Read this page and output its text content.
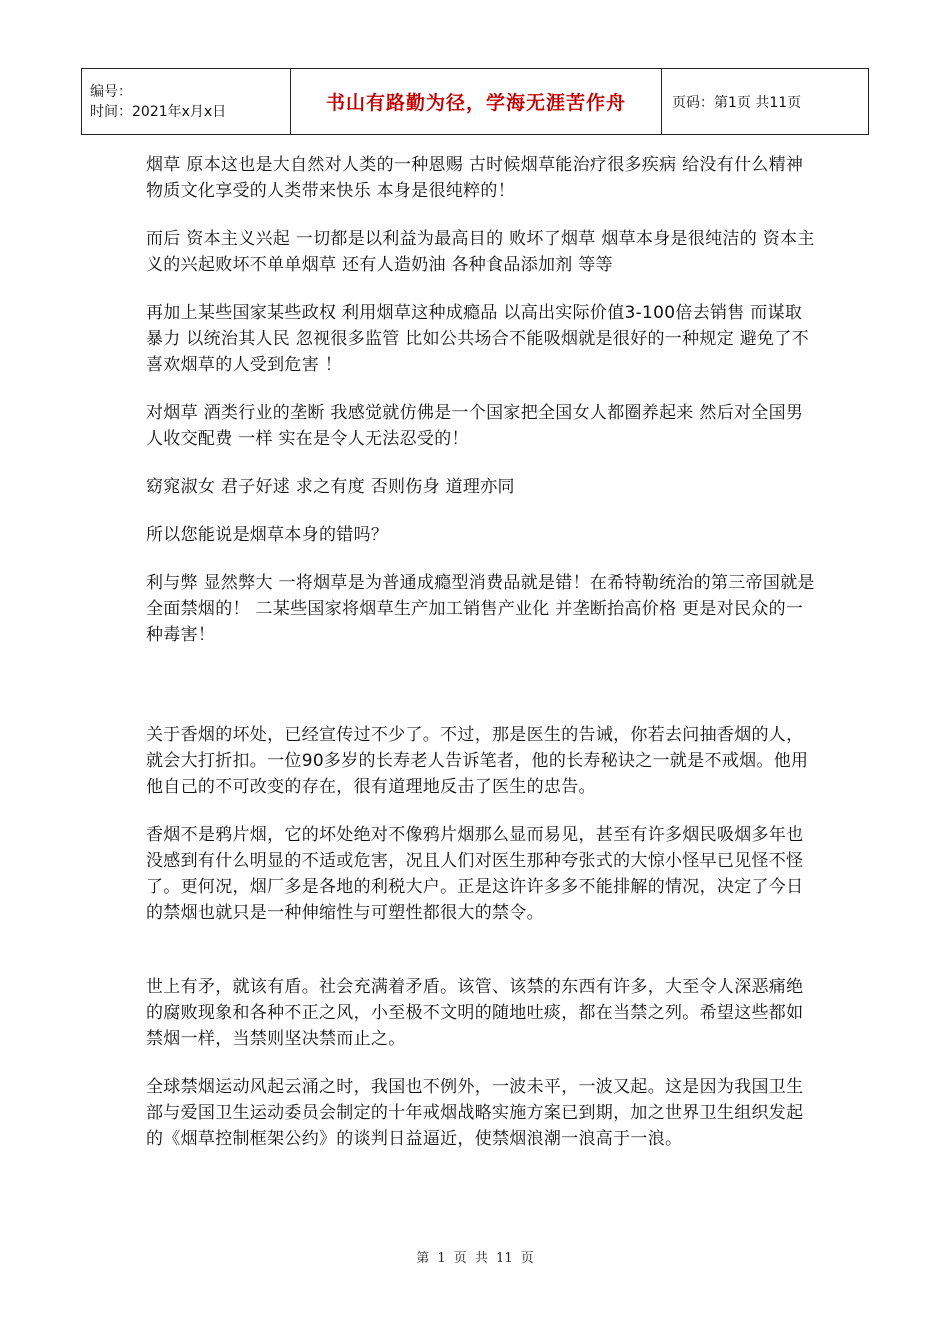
编号：
时间：2021年x月x日	书山有路勤为径，学海无涯苦作舟	页码：第1页 共11页

烟草 原本这也是大自然对人类的一种恩赐 古时候烟草能治疗很多疾病 给没有什么精神物质文化享受的人类带来快乐 本身是很纯粹的！

而后 资本主义兴起 一切都是以利益为最高目的 败坏了烟草 烟草本身是很纯洁的 资本主义的兴起败坏不单单烟草 还有人造奶油 各种食品添加剂 等等

再加上某些国家某些政权 利用烟草这种成瘾品 以高出实际价值3-100倍去销售 而谋取暴力 以统治其人民 忽视很多监管 比如公共场合不能吸烟就是很好的一种规定 避免了不喜欢烟草的人受到危害 ！

对烟草 酒类行业的垄断 我感觉就仿佛是一个国家把全国女人都圈养起来 然后对全国男人收交配费 一样 实在是令人无法忍受的！

窈窕淑女 君子好逑 求之有度 否则伤身 道理亦同

所以您能说是烟草本身的错吗？

利与弊 显然弊大 一将烟草是为普通成瘾型消费品就是错！在希特勒统治的第三帝国就是全面禁烟的！ 二某些国家将烟草生产加工销售产业化 并垄断抬高价格 更是对民众的一种毒害！

关于香烟的坏处，已经宣传过不少了。不过，那是医生的告诫，你若去问抽香烟的人，就会大打折扣。一位90多岁的长寿老人告诉笔者，他的长寿秘诀之一就是不戒烟。他用他自己的不可改变的存在，很有道理地反击了医生的忠告。

香烟不是鸦片烟，它的坏处绝对不像鸦片烟那么显而易见，甚至有许多烟民吸烟多年也没感到有什么明显的不适或危害，况且人们对医生那种夸张式的大惊小怪早已见怪不怪了。更何况，烟厂多是各地的利税大户。正是这许许多多不能排解的情况，决定了今日的禁烟也就只是一种伸缩性与可塑性都很大的禁令。

世上有矛，就该有盾。社会充满着矛盾。该管、该禁的东西有许多，大至令人深恶痛绝的腐败现象和各种不正之风，小至极不文明的随地吐痰，都在当禁之列。希望这些都如禁烟一样，当禁则坚决禁而止之。

全球禁烟运动风起云涌之时，我国也不例外，一波未平，一波又起。这是因为我国卫生部与爱国卫生运动委员会制定的十年戒烟战略实施方案已到期，加之世界卫生组织发起的《烟草控制框架公约》的谈判日益逼近，使禁烟浪潮一浪高于一浪。

第 1 页 共 11 页
